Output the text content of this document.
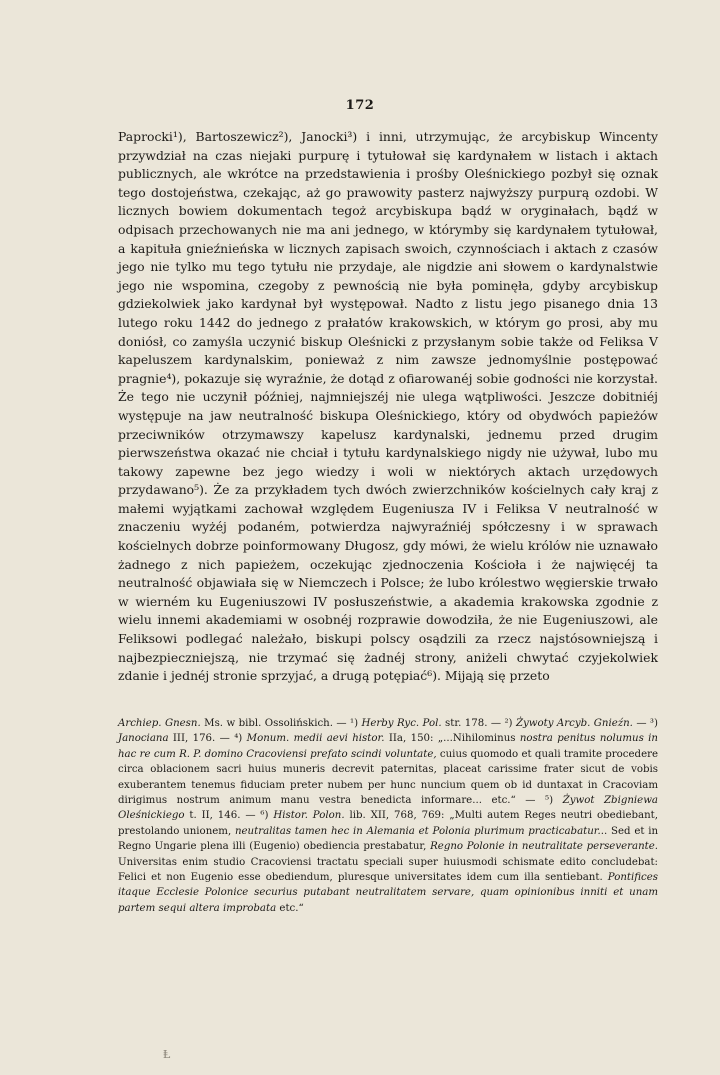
172

Paprocki¹), Bartoszewicz²), Janocki³) i inni, utrzymując, że arcybiskup Wincenty przywdział na czas niejaki purpurę i tytułował się kardynałem w listach i aktach publicznych, ale wkrótce na przedstawienia i prośby Oleśnickiego pozbył się oznak tego dostojeństwa, czekając, aż go prawowity pasterz najwyższy purpurą ozdobi. W licznych bowiem dokumentach tegoż arcybiskupa bądź w oryginałach, bądź w odpisach przechowanych nie ma ani jednego, w którymby się kardynałem tytułował, a kapituła gnieźnieńska w licznych zapisach swoich, czynnościach i aktach z czasów jego nie tylko mu tego tytułu nie przydaje, ale nigdzie ani słowem o kardynalstwie jego nie wspomina, czegoby z pewnością nie była pominęła, gdyby arcybiskup gdziekolwiek jako kardynał był występował. Nadto z listu jego pisanego dnia 13 lutego roku 1442 do jednego z prałatów krakowskich, w którym go prosi, aby mu doniósł, co zamyśla uczynić biskup Oleśnicki z przysłanym sobie także od Feliksa V kapeluszem kardynalskim, ponieważ z nim zawsze jednomyślnie postępować pragnie⁴), pokazuje się wyraźnie, że dotąd z ofiarowanéj sobie godności nie korzystał. Że tego nie uczynił później, najmniejszéj nie ulega wątpliwości. Jeszcze dobitniéj występuje na jaw neutralność biskupa Oleśnickiego, który od obydwóch papieżów przeciwników otrzymawszy kapelusz kardynalski, jednemu przed drugim pierwszeństwa okazać nie chciał i tytułu kardynalskiego nigdy nie używał, lubo mu takowy zapewne bez jego wiedzy i woli w niektórych aktach urzędowych przydawano⁵). Że za przykładem tych dwóch zwierzchników kościelnych cały kraj z małemi wyjątkami zachował względem Eugeniusza IV i Feliksa V neutralność w znaczeniu wyżéj podaném, potwierdza najwyraźniéj spółczesny i w sprawach kościelnych dobrze poinformowany Długosz, gdy mówi, że wielu królów nie uznawało żadnego z nich papieżem, oczekując zjednoczenia Kościoła i że najwięcéj ta neutralność objawiała się w Niemczech i Polsce; że lubo królestwo węgierskie trwało w wierném ku Eugeniuszowi IV posłuszeństwie, a akademia krakowska zgodnie z wielu innemi akademiami w osobnéj rozprawie dowodziła, że nie Eugeniuszowi, ale Feliksowi podlegać należało, biskupi polscy osądzili za rzecz najstósowniejszą i najbezpieczniejszą, nie trzymać się żadnéj strony, aniżeli chwytać czyjekolwiek zdanie i jednéj stronie sprzyjać, a drugą potępiać⁶). Mijają się przeto

Archiep. Gnesn. Ms. w bibl. Ossolińskich. — ¹) Herby Ryc. Pol. str. 178. — ²) Żywoty Arcyb. Gnieźn. — ³) Janociana III, 176. — ⁴) Monum. medii aevi histor. IIa, 150: „...Nihilominus nostra penitus nolumus in hac re cum R. P. domino Cracoviensi prefato scindi voluntate, cuius quomodo et quali tramite procedere circa oblacionem sacri huius muneris decrevit paternitas, placeat carissime frater sicut de vobis exuberantem tenemus fiduciam preter nubem per hunc nuncium quem ob id duntaxat in Cracoviam dirigimus nostrum animum manu vestra benedicta informare... etc.“ — ⁵) Żywot Zbigniewa Oleśnickiego t. II, 146. — ⁶) Histor. Polon. lib. XII, 768, 769: „Multi autem Reges neutri obediebant, prestolando unionem, neutralitas tamen hec in Alemania et Polonia plurimum practicabatur... Sed et in Regno Ungarie plena illi (Eugenio) obediencia prestabatur, Regno Polonie in neutralitate perseverante. Universitas enim studio Cracoviensi tractatu speciali super huiusmodi schismate edito concludebat: Felici et non Eugenio esse obediendum, pluresque universitates idem cum illa sentiebant. Pontifices itaque Ecclesie Polonice securius putabant neutralitatem servare, quam opinionibus inniti et unam partem sequi altera improbata etc.“

Ⱡ
